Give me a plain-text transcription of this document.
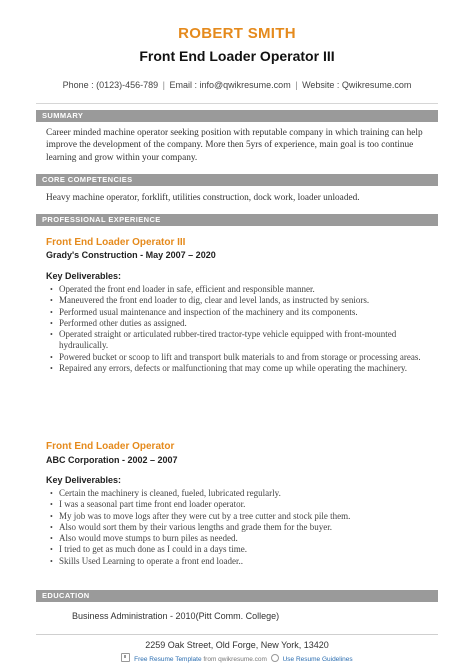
ROBERT SMITH
Front End Loader Operator III
Phone : (0123)-456-789 | Email : info@qwikresume.com | Website : Qwikresume.com
SUMMARY
Career minded machine operator seeking position with reputable company in which training can help improve the development of the company. More then 5yrs of experience, main goal is too continue learning and grow within your company.
CORE COMPETENCIES
Heavy machine operator, forklift, utilities construction, dock work, loader unloaded.
PROFESSIONAL EXPERIENCE
Front End Loader Operator III
Grady's Construction - May 2007 – 2020
Key Deliverables:
• Operated the front end loader in safe, efficient and responsible manner.
• Maneuvered the front end loader to dig, clear and level lands, as instructed by seniors.
• Performed usual maintenance and inspection of the machinery and its components.
• Performed other duties as assigned.
• Operated straight or articulated rubber-tired tractor-type vehicle equipped with front-mounted hydraulically.
• Powered bucket or scoop to lift and transport bulk materials to and from storage or processing areas.
• Repaired any errors, defects or malfunctioning that may come up while operating the machinery.
Front End Loader Operator
ABC Corporation - 2002 – 2007
Key Deliverables:
• Certain the machinery is cleaned, fueled, lubricated regularly.
• I was a seasonal part time front end loader operator.
• My job was to move logs after they were cut by a tree cutter and stock pile them.
• Also would sort them by their various lengths and grade them for the buyer.
• Also would move stumps to burn piles as needed.
• I tried to get as much done as I could in a days time.
• Skills Used Learning to operate a front end loader..
EDUCATION
Business Administration - 2010(Pitt Comm. College)
2259 Oak Street, Old Forge, New York, 13420
Free Resume Template from qwikresume.com Use Resume Guidelines
